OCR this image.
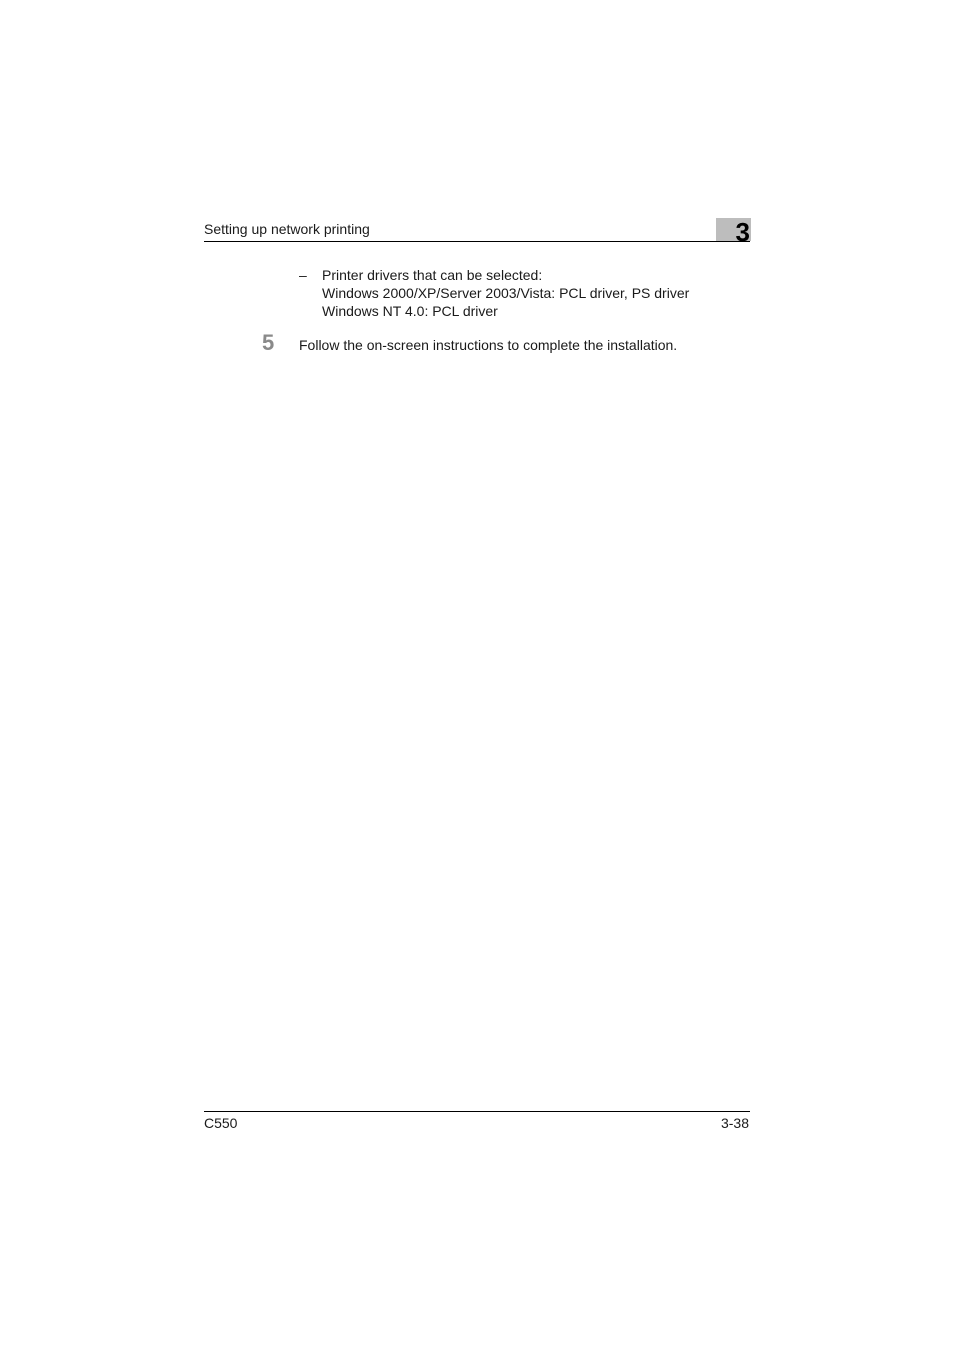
Setting up network printing	3
– Printer drivers that can be selected:
Windows 2000/XP/Server 2003/Vista: PCL driver, PS driver
Windows NT 4.0: PCL driver
5 Follow the on-screen instructions to complete the installation.
C550	3-38
